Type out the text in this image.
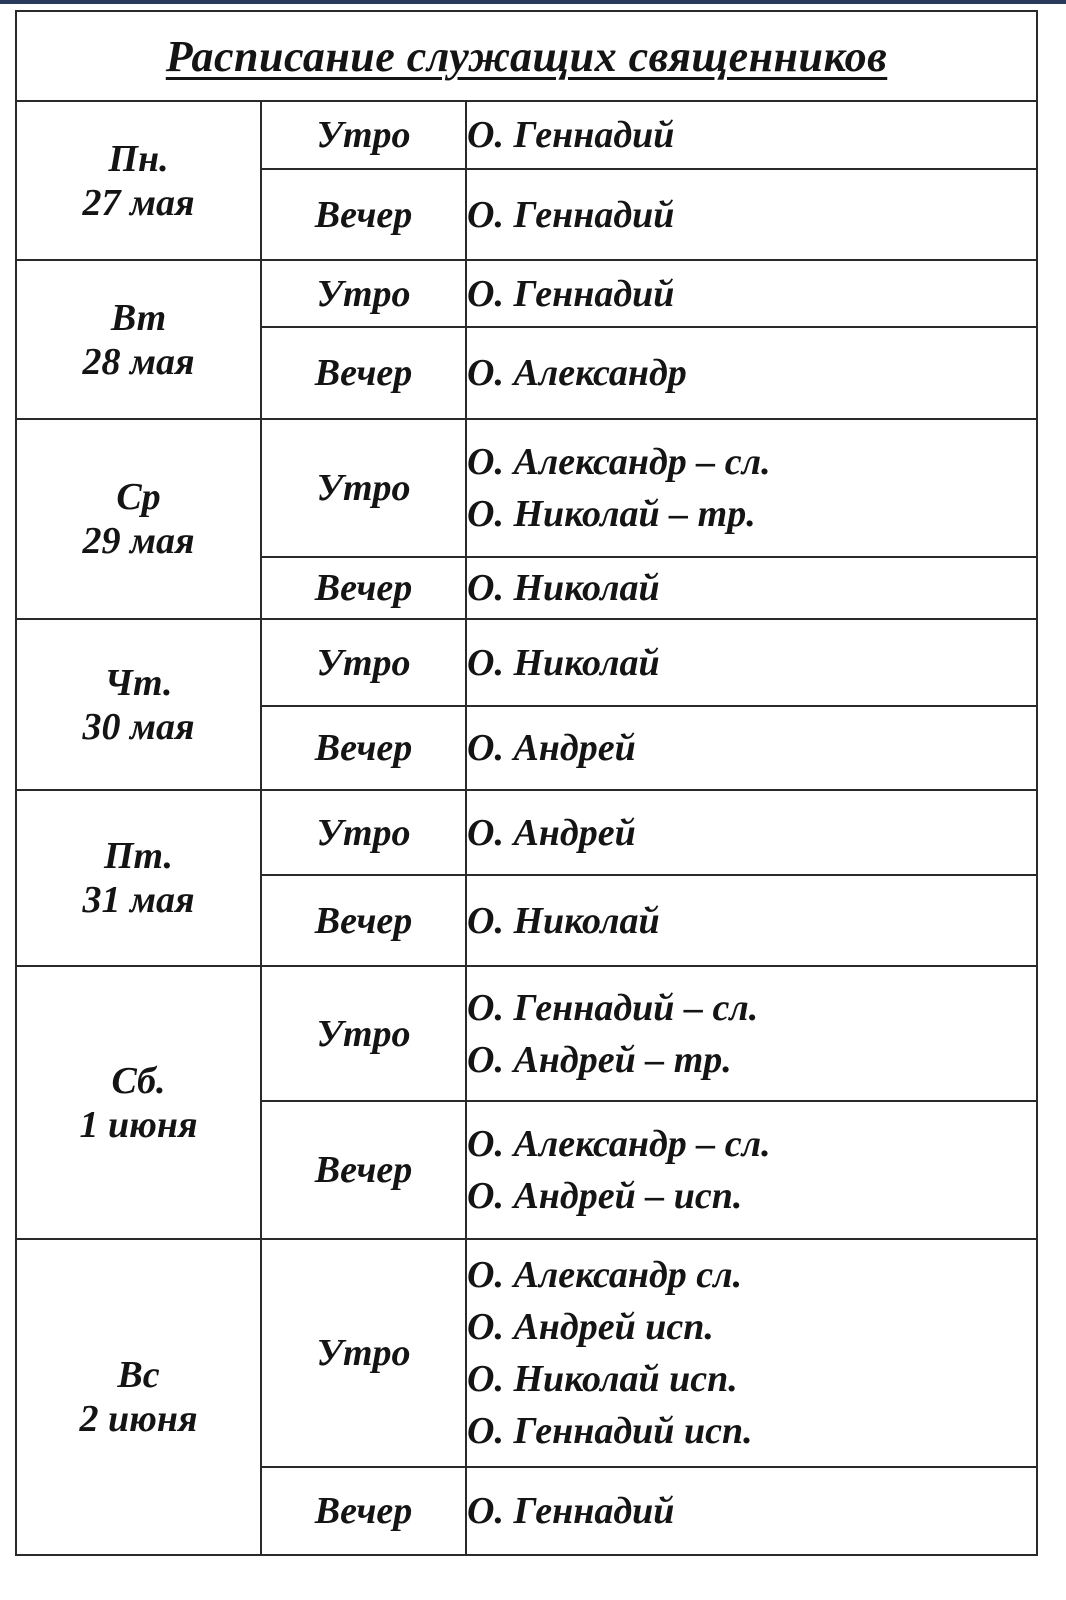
Расписание служащих священников		

Пн.
27 мая	Утро	О. Геннадий

	Вечер	О. Геннадий

Вт
28 мая	Утро	О. Геннадий

	Вечер	О. Александр

Ср
29 мая	Утро	О. Александр – сл.
О. Николай – тр.

	Вечер	О. Николай

Чт.
30 мая	Утро	О. Николай

	Вечер	О. Андрей

Пт.
31 мая	Утро	О. Андрей

	Вечер	О. Николай

Сб.
1 июня	Утро	О. Геннадий – сл.
О. Андрей – тр.

	Вечер	О. Александр – сл.
О. Андрей – исп.

Вс
2 июня	Утро	О. Александр сл.
О. Андрей исп.
О. Николай исп.
О. Геннадий исп.

	Вечер	О. Геннадий
